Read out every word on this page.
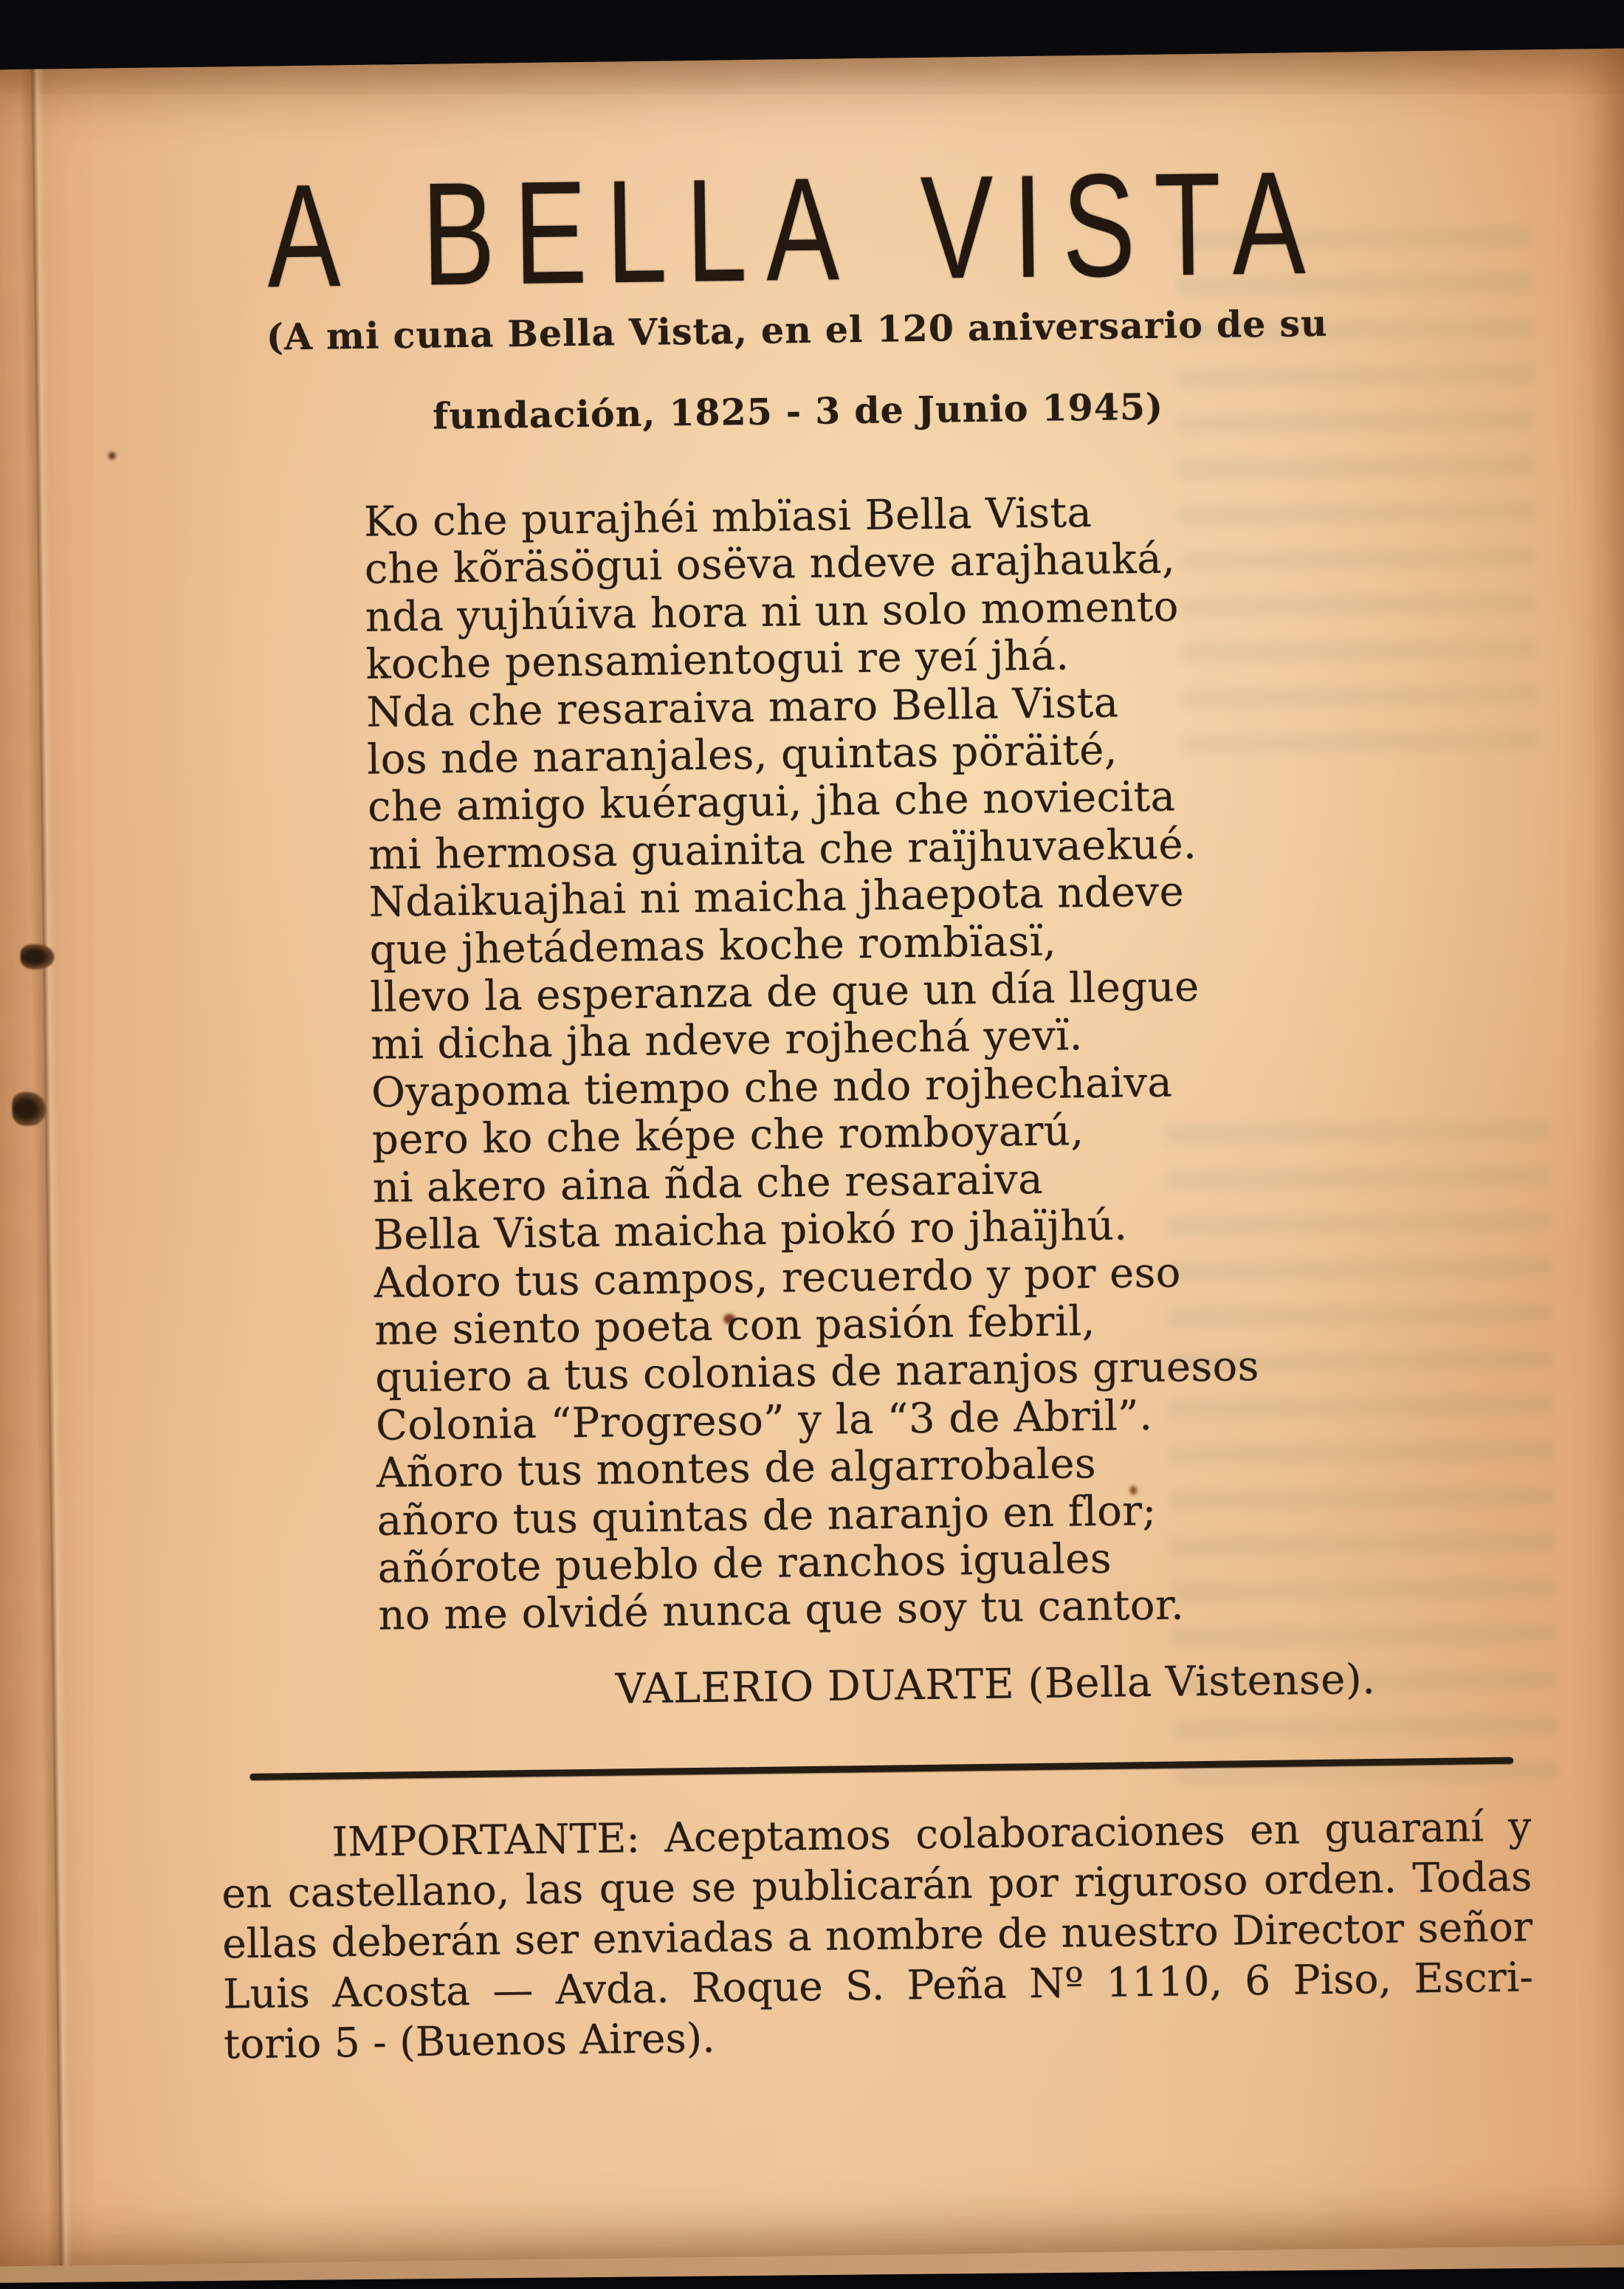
A BELLA VISTA
(A mi cuna Bella Vista, en el 120 aniversario de su
fundación, 1825 - 3 de Junio 1945)
Ko che purajhéi mbïasi Bella Vista
che kõräsögui osëva ndeve arajhauká,
nda yujhúiva hora ni un solo momento
koche pensamientogui re yeí jhá.
Nda che resaraiva maro Bella Vista
los nde naranjales, quintas pöräité,
che amigo kuéragui, jha che noviecita
mi hermosa guainita che raïjhuvaekué.
Ndaikuajhai ni maicha jhaepota ndeve
que jhetádemas koche rombïasï,
llevo la esperanza de que un día llegue
mi dicha jha ndeve rojhechá yevï.
Oyapoma tiempo che ndo rojhechaiva
pero ko che képe che romboyarú,
ni akero aina ñda che resaraiva
Bella Vista maicha piokó ro jhaïjhú.
Adoro tus campos, recuerdo y por eso
me siento poeta con pasión febril,
quiero a tus colonias de naranjos gruesos
Colonia “Progreso” y la “3 de Abril”.
Añoro tus montes de algarrobales
añoro tus quintas de naranjo en flor;
añórote pueblo de ranchos iguales
no me olvidé nunca que soy tu cantor.
VALERIO DUARTE (Bella Vistense).
IMPORTANTE: Aceptamos colaboraciones en guaraní y
en castellano, las que se publicarán por riguroso orden. Todas
ellas deberán ser enviadas a nombre de nuestro Director señor
Luis Acosta — Avda. Roque S. Peña Nº 1110, 6 Piso, Escri-
torio 5 - (Buenos Aires).
